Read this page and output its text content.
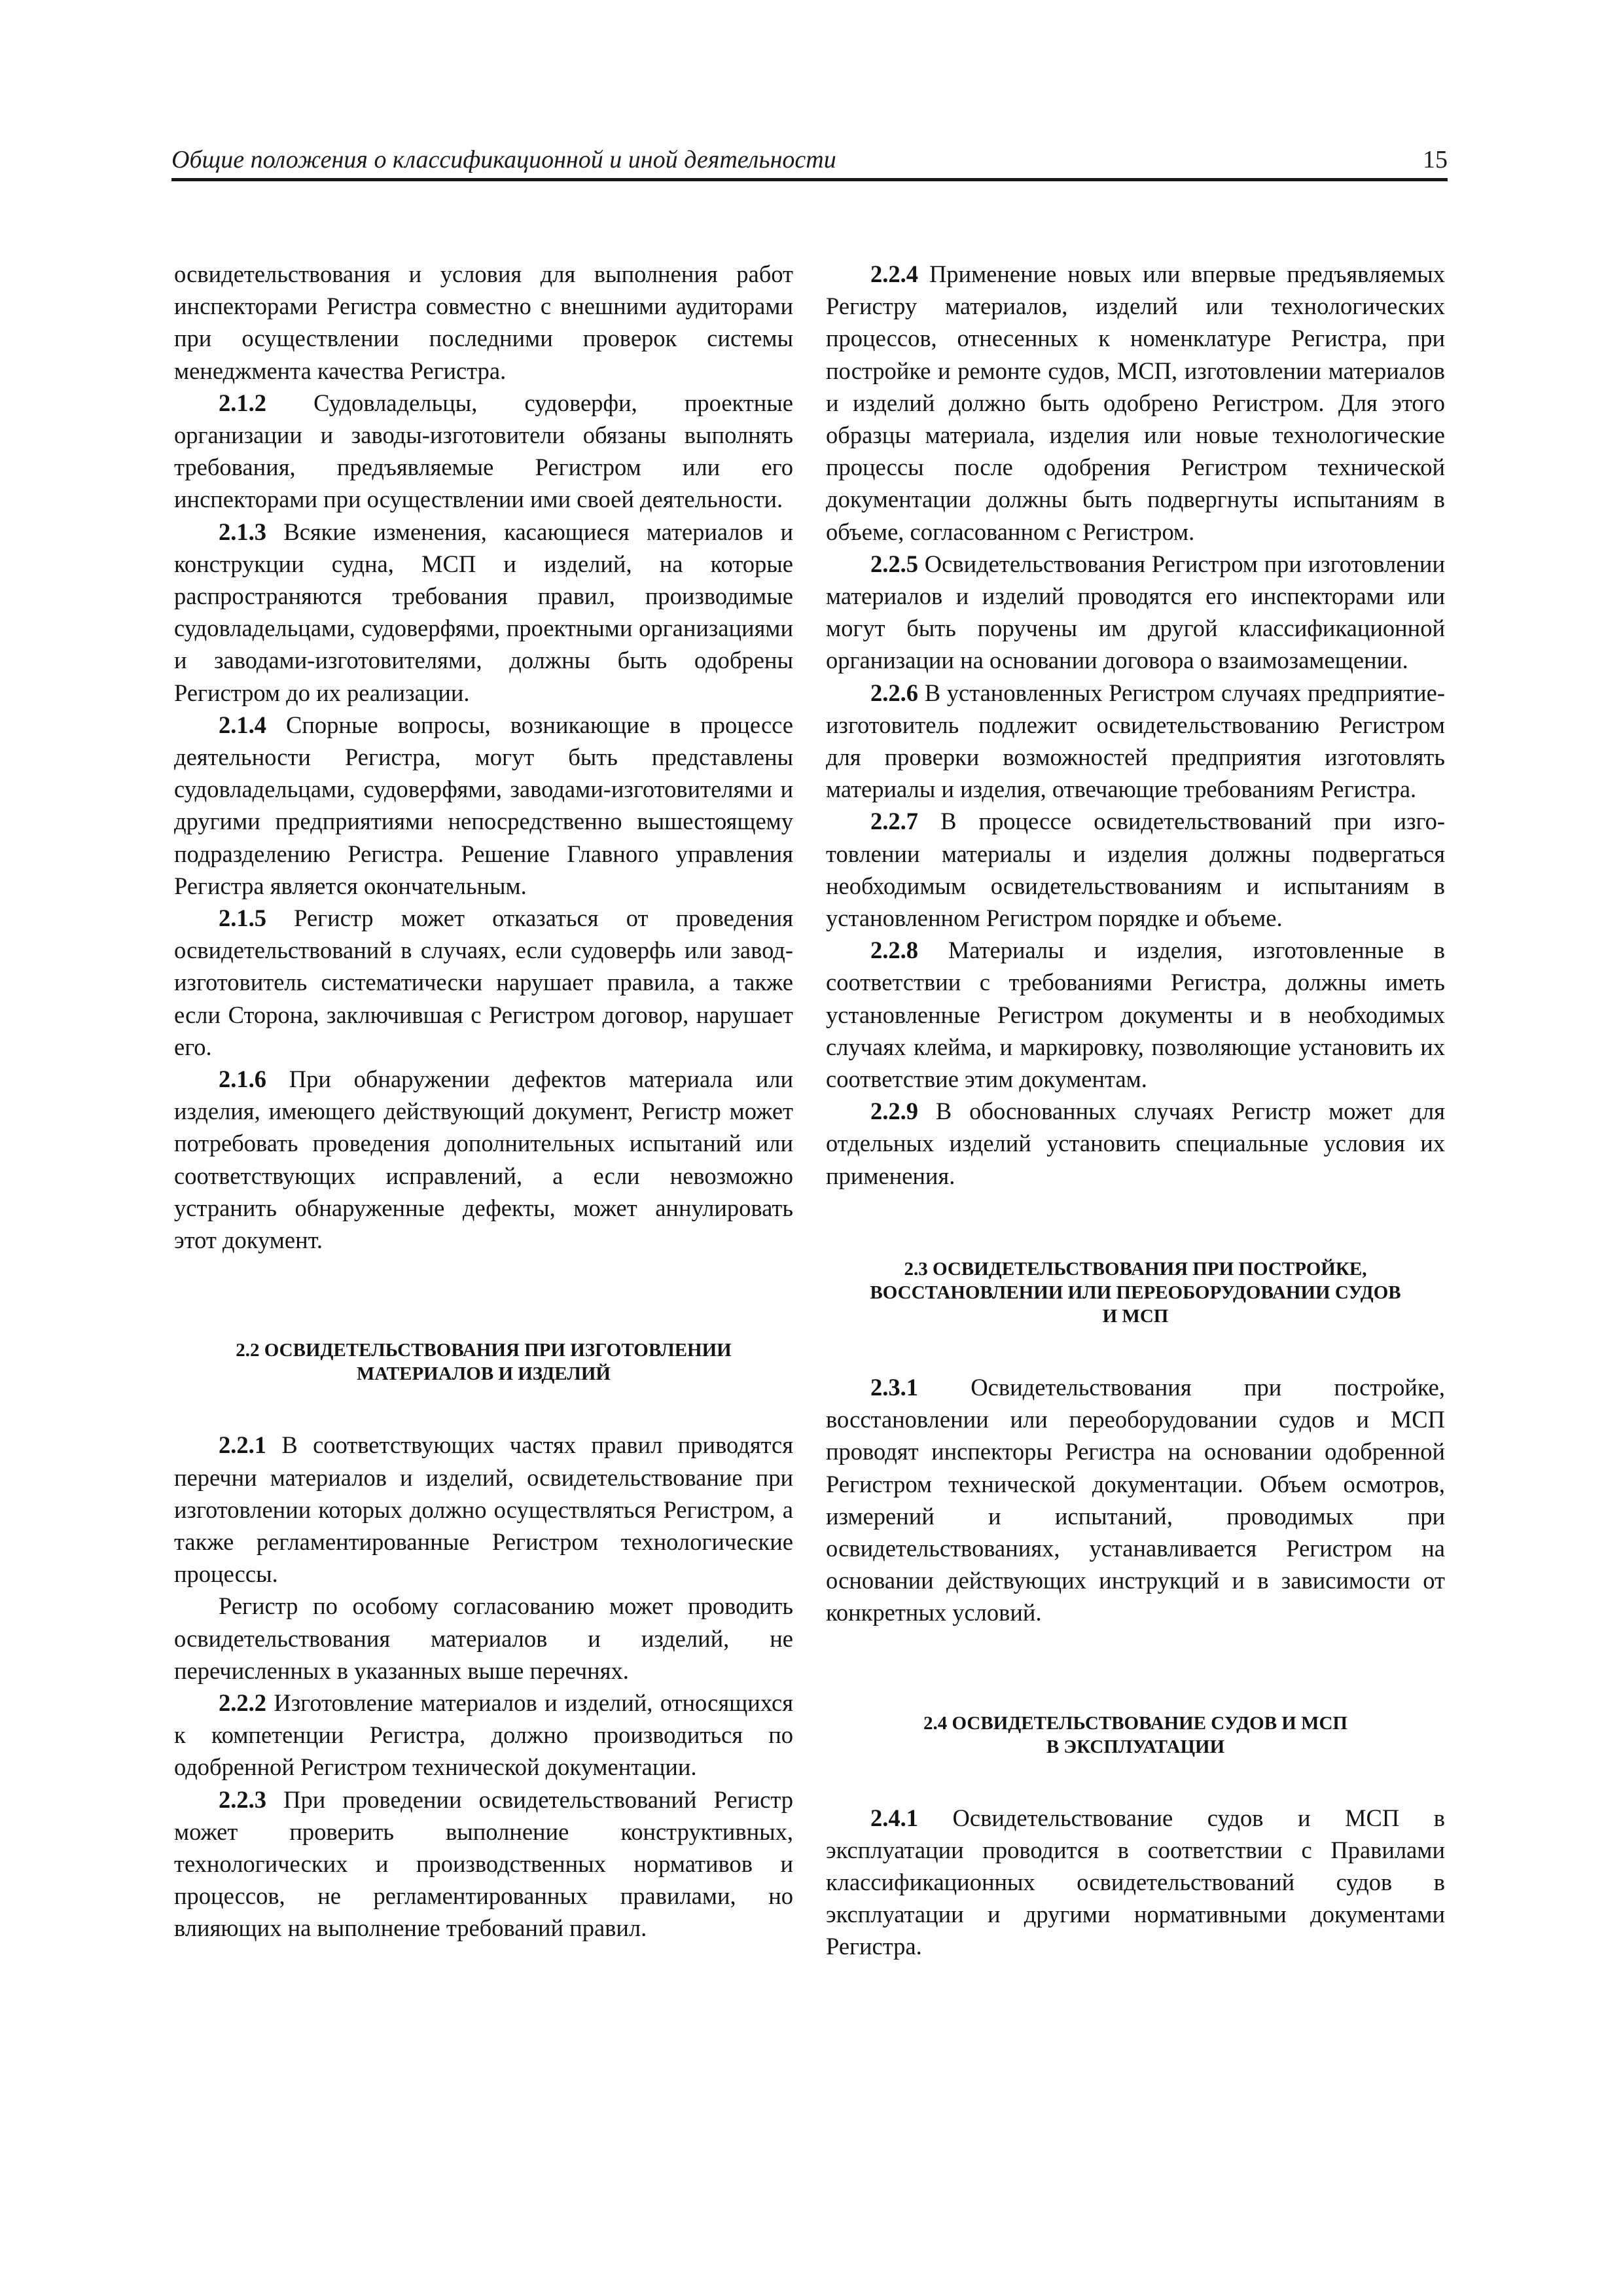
Общие положения о классификационной и иной деятельности	15

освидетельствования и условия для выполнения работ инспекторами Регистра совместно с внешними аудиторами при осуществлении последними проверок системы менеджмента качества Регистра.

2.1.2 Судовладельцы, судоверфи, проектные организации и заводы-изготовители обязаны выполнять требования, предъявляемые Регистром или его инспекторами при осуществлении ими своей деятельности.

2.1.3 Всякие изменения, касающиеся материалов и конструкции судна, МСП и изделий, на которые распространяются требования правил, производимые судовладельцами, судоверфями, проектными организациями и заводами-изготовителями, должны быть одобрены Регистром до их реализации.

2.1.4 Спорные вопросы, возникающие в процессе деятельности Регистра, могут быть представлены судовладельцами, судоверфями, заводами-изготовителями и другими предприятиями непосредственно вышестоящему подразделению Регистра. Решение Главного управления Регистра является окончательным.

2.1.5 Регистр может отказаться от проведения освидетельствований в случаях, если судоверфь или завод-изготовитель систематически нарушает правила, а также если Сторона, заключившая с Регистром договор, нарушает его.

2.1.6 При обнаружении дефектов материала или изделия, имеющего действующий документ, Регистр может потребовать проведения дополнительных испытаний или соответствующих исправлений, а если невозможно устранить обнаруженные дефекты, может аннулировать этот документ.

2.2 ОСВИДЕТЕЛЬСТВОВАНИЯ ПРИ ИЗГОТОВЛЕНИИ
МАТЕРИАЛОВ И ИЗДЕЛИЙ

2.2.1 В соответствующих частях правил приводятся перечни материалов и изделий, освидетельствование при изготовлении которых должно осуществляться Регистром, а также регламентированные Регистром технологические процессы.

Регистр по особому согласованию может проводить освидетельствования материалов и изделий, не перечисленных в указанных выше перечнях.

2.2.2 Изготовление материалов и изделий, относящихся к компетенции Регистра, должно производиться по одобренной Регистром технической документации.

2.2.3 При проведении освидетельствований Регистр может проверить выполнение конструктивных, технологических и производственных нормативов и процессов, не регламентированных правилами, но влияющих на выполнение требований правил.

2.2.4 Применение новых или впервые предъявляемых Регистру материалов, изделий или технологических процессов, отнесенных к номенклатуре Регистра, при постройке и ремонте судов, МСП, изготовлении материалов и изделий должно быть одобрено Регистром. Для этого образцы материала, изделия или новые технологические процессы после одобрения Регистром технической документации должны быть подвергнуты испытаниям в объеме, согласованном с Регистром.

2.2.5 Освидетельствования Регистром при изготовлении материалов и изделий проводятся его инспекторами или могут быть поручены им другой классификационной организации на основании договора о взаимозамещении.

2.2.6 В установленных Регистром случаях предприятие-изготовитель подлежит освидетельствованию Регистром для проверки возможностей предприятия изготовлять материалы и изделия, отвечающие требованиям Регистра.

2.2.7 В процессе освидетельствований при изготовлении материалы и изделия должны подвергаться необходимым освидетельствованиям и испытаниям в установленном Регистром порядке и объеме.

2.2.8 Материалы и изделия, изготовленные в соответствии с требованиями Регистра, должны иметь установленные Регистром документы и в необходимых случаях клейма, и маркировку, позволяющие установить их соответствие этим документам.

2.2.9 В обоснованных случаях Регистр может для отдельных изделий установить специальные условия их применения.

2.3 ОСВИДЕТЕЛЬСТВОВАНИЯ ПРИ ПОСТРОЙКЕ,
ВОССТАНОВЛЕНИИ ИЛИ ПЕРЕОБОРУДОВАНИИ СУДОВ
И МСП

2.3.1 Освидетельствования при постройке, восстановлении или переоборудовании судов и МСП проводят инспекторы Регистра на основании одобренной Регистром технической документации. Объем осмотров, измерений и испытаний, проводимых при освидетельствованиях, устанавливается Регистром на основании действующих инструкций и в зависимости от конкретных условий.

2.4 ОСВИДЕТЕЛЬСТВОВАНИЕ СУДОВ И МСП
В ЭКСПЛУАТАЦИИ

2.4.1 Освидетельствование судов и МСП в эксплуатации проводится в соответствии с Правилами классификационных освидетельствований судов в эксплуатации и другими нормативными документами Регистра.
